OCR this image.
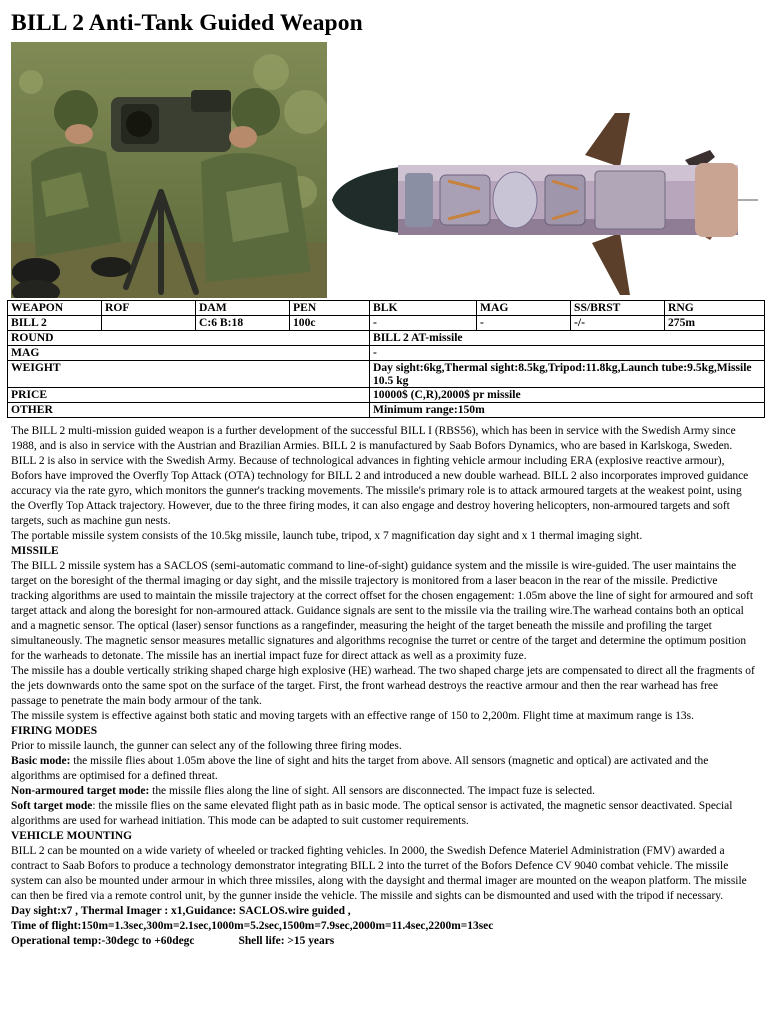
BILL 2 Anti-Tank Guided Weapon
WEAPON	ROF	DAM	PEN	BLK	MAG	SS/BRST	RNG
BILL 2		C:6 B:18	100c	-	-	-/-	275m
ROUND				BILL 2 AT-missile			
MAG				-			
WEIGHT				Day sight:6kg,Thermal sight:8.5kg,Tripod:11.8kg,Launch tube:9.5kg,Missile 10.5 kg			
PRICE				10000$ (C,R),2000$ pr missile			
OTHER				Minimum range:150m			

The BILL 2 multi-mission guided weapon is a further development of the successful BILL I (RBS56), which has been in service with the Swedish Army since 1988, and is also in service with the Austrian and Brazilian Armies. BILL 2 is manufactured by Saab Bofors Dynamics, who are based in Karlskoga, Sweden. BILL 2 is also in service with the Swedish Army. Because of technological advances in fighting vehicle armour including ERA (explosive reactive armour), Bofors have improved the Overfly Top Attack (OTA) technology for BILL 2 and introduced a new double warhead. BILL 2 also incorporates improved guidance accuracy via the rate gyro, which monitors the gunner's tracking movements. The missile's primary role is to attack armoured targets at the weakest point, using the Overfly Top Attack trajectory. However, due to the three firing modes, it can also engage and destroy hovering helicopters, non-armoured targets and soft targets, such as machine gun nests.

The portable missile system consists of the 10.5kg missile, launch tube, tripod, x 7 magnification day sight and x 1 thermal imaging sight.

MISSILE

The BILL 2 missile system has a SACLOS (semi-automatic command to line-of-sight) guidance system and the missile is wire-guided. The user maintains the target on the boresight of the thermal imaging or day sight, and the missile trajectory is monitored from a laser beacon in the rear of the missile. Predictive tracking algorithms are used to maintain the missile trajectory at the correct offset for the chosen engagement: 1.05m above the line of sight for armoured and soft target attack and along the boresight for non-armoured attack. Guidance signals are sent to the missile via the trailing wire.The warhead contains both an optical and a magnetic sensor. The optical (laser) sensor functions as a rangefinder, measuring the height of the target beneath the missile and profiling the target simultaneously. The magnetic sensor measures metallic signatures and algorithms recognise the turret or centre of the target and determine the optimum position for the warheads to detonate. The missile has an inertial impact fuze for direct attack as well as a proximity fuze.

The missile has a double vertically striking shaped charge high explosive (HE) warhead. The two shaped charge jets are compensated to direct all the fragments of the jets downwards onto the same spot on the surface of the target. First, the front warhead destroys the reactive armour and then the rear warhead has free passage to penetrate the main body armour of the tank.

The missile system is effective against both static and moving targets with an effective range of 150 to 2,200m. Flight time at maximum range is 13s.

FIRING MODES

Prior to missile launch, the gunner can select any of the following three firing modes.

Basic mode: the missile flies about 1.05m above the line of sight and hits the target from above. All sensors (magnetic and optical) are activated and the algorithms are optimised for a defined threat.

Non-armoured target mode: the missile flies along the line of sight. All sensors are disconnected. The impact fuze is selected.

Soft target mode: the missile flies on the same elevated flight path as in basic mode. The optical sensor is activated, the magnetic sensor deactivated. Special algorithms are used for warhead initiation. This mode can be adapted to suit customer requirements.

VEHICLE MOUNTING

BILL 2 can be mounted on a wide variety of wheeled or tracked fighting vehicles. In 2000, the Swedish Defence Materiel Administration (FMV) awarded a contract to Saab Bofors to produce a technology demonstrator integrating BILL 2 into the turret of the Bofors Defence CV 9040 combat vehicle. The missile system can also be mounted under armour in which three missiles, along with the daysight and thermal imager are mounted on the weapon platform. The missile can then be fired via a remote control unit, by the gunner inside the vehicle. The missile and sights can be dismounted and used with the tripod if necessary.

Day sight:x7 , Thermal Imager : x1,Guidance: SACLOS.wire guided ,

Time of flight:150m=1.3sec,300m=2.1sec,1000m=5.2sec,1500m=7.9sec,2000m=11.4sec,2200m=13sec

Operational temp:-30degc to +60degc	Shell life: >15 years
